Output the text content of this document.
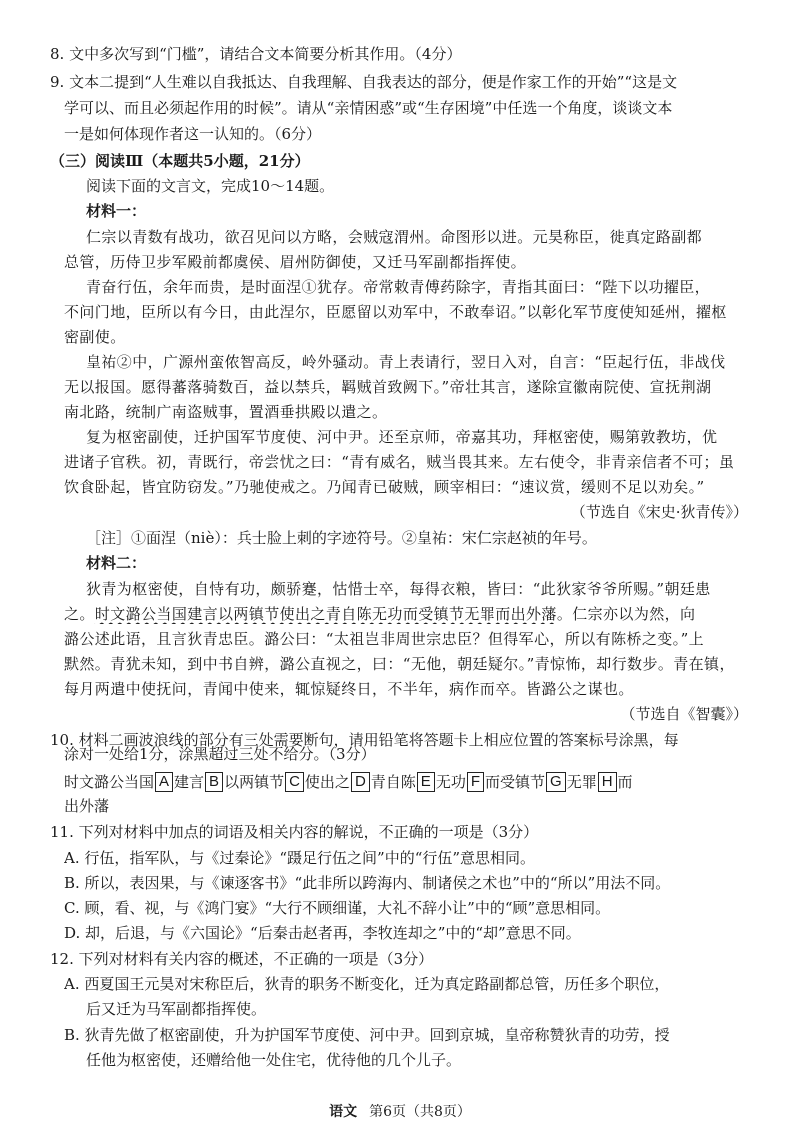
8. 文中多次写到“门槛”，请结合文本简要分析其作用。（4分）
9. 文本二提到“人生难以自我抵达、自我理解、自我表达的部分，便是作家工作的开始”“这是文
学可以、而且必须起作用的时候”。请从“亲情困惑”或“生存困境”中任选一个角度，谈谈文本
一是如何体现作者这一认知的。（6分）
（三）阅读Ⅲ（本题共5小题，21分）
阅读下面的文言文，完成10～14题。
材料一：
仁宗以青数有战功，欲召见问以方略，会贼寇渭州。命图形以进。元昊称臣，徙真定路副都
总管，历侍卫步军殿前都虞侯、眉州防御使，又迁马军副都指挥使。
青奋行伍，余年而贵，是时面涅①犹存。帝常敕青傅药除字，青指其面曰：“陛下以功擢臣，
不问门地，臣所以有今日，由此涅尔，臣愿留以劝军中，不敢奉诏。”以彰化军节度使知延州，擢枢
密副使。
皇祐②中，广源州蛮侬智高反，岭外骚动。青上表请行，翌日入对，自言：“臣起行伍，非战伐
无以报国。愿得蕃落骑数百，益以禁兵，羁贼首致阙下。”帝壮其言，遂除宣徽南院使、宣抚荆湖
南北路，统制广南盗贼事，置酒垂拱殿以遣之。
复为枢密副使，迁护国军节度使、河中尹。还至京师，帝嘉其功，拜枢密使，赐第敦教坊，优
进诸子官秩。初，青既行，帝尝忧之曰：“青有威名，贼当畏其来。左右使令，非青亲信者不可；虽
饮食卧起，皆宜防窃发。”乃驰使戒之。乃闻青已破贼，顾宰相曰：“速议赏，缓则不足以劝矣。”
（节选自《宋史·狄青传》）
［注］①面涅（niè）：兵士脸上刺的字迹符号。②皇祐：宋仁宗赵祯的年号。
材料二：
狄青为枢密使，自恃有功，颇骄蹇，怙惜士卒，每得衣粮，皆曰：“此狄家爷爷所赐。”朝廷患
之。时文潞公当国建言以两镇节使出之青自陈无功而受镇节无罪而出外藩。仁宗亦以为然，向
潞公述此语，且言狄青忠臣。潞公曰：“太祖岂非周世宗忠臣？但得军心，所以有陈桥之变。”上
默然。青犹未知，到中书自辨，潞公直视之，曰：“无他，朝廷疑尔。”青惊怖，却行数步。青在镇，
每月两遣中使抚问，青闻中使来，辄惊疑终日，不半年，病作而卒。皆潞公之谋也。
（节选自《智囊》）
10. 材料二画波浪线的部分有三处需要断句，请用铅笔将答题卡上相应位置的答案标号涂黑，每
涂对一处给1分，涂黑超过三处不给分。（3分）
时文潞公当国 A 建言 B 以两镇节 C 使出之 D 青自陈 E 无功 F 而受镇节 G 无罪 H 而
出外藩
11. 下列对材料中加点的词语及相关内容的解说，不正确的一项是（3分）
A. 行伍，指军队，与《过秦论》“蹑足行伍之间”中的“行伍”意思相同。
B. 所以，表因果，与《谏逐客书》“此非所以跨海内、制诸侯之术也”中的“所以”用法不同。
C. 顾，看、视，与《鸿门宴》“大行不顾细谨，大礼不辞小让”中的“顾”意思相同。
D. 却，后退，与《六国论》“后秦击赵者再，李牧连却之”中的“却”意思不同。
12. 下列对材料有关内容的概述，不正确的一项是（3分）
A. 西夏国王元昊对宋称臣后，狄青的职务不断变化，迁为真定路副都总管，历任多个职位，
后又迁为马军副都指挥使。
B. 狄青先做了枢密副使，升为护国军节度使、河中尹。回到京城，皇帝称赞狄青的功劳，授
任他为枢密使，还赠给他一处住宅，优待他的几个儿子。
语文 第6页（共8页）
